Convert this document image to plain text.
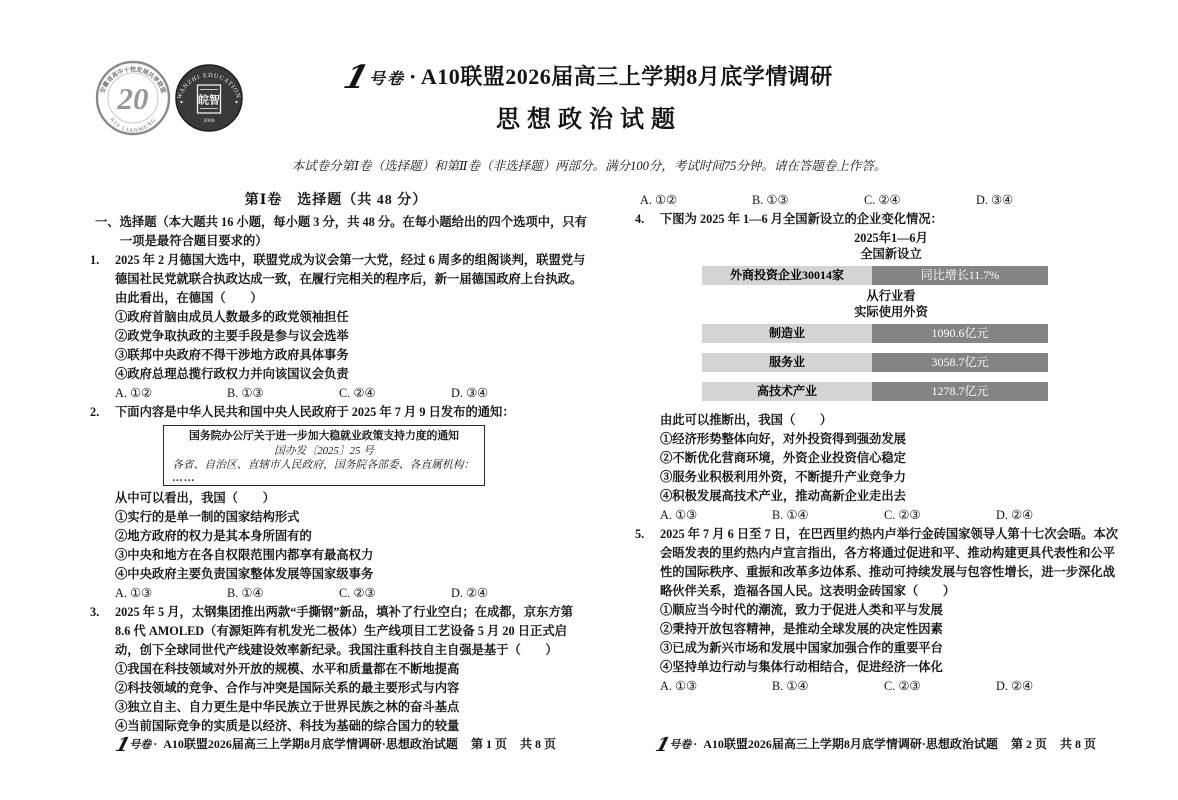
安徽省高中十校发展共享联盟
A10 LIANMENG
20	WANZHI EDUCATION
皖智
2006
1号卷 · A10联盟2026届高三上学期8月底学情调研
思想政治试题
本试卷分第Ⅰ卷（选择题）和第Ⅱ卷（非选择题）两部分。满分100分，考试时间75分钟。请在答题卷上作答。
第Ⅰ卷　选择题（共 48 分）
一、选择题（本大题共 16 小题，每小题 3 分，共 48 分。在每小题给出的四个选项中，只有一项是最符合题目要求的）
1. 2025 年 2 月德国大选中，联盟党成为议会第一大党，经过 6 周多的组阁谈判，联盟党与德国社民党就联合执政达成一致，在履行完相关的程序后，新一届德国政府上台执政。由此看出，在德国（　　）
①政府首脑由成员人数最多的政党领袖担任
②政党争取执政的主要手段是参与议会选举
③联邦中央政府不得干涉地方政府具体事务
④政府总理总揽行政权力并向该国议会负责
A. ①②	B. ①③	C. ②④	D. ③④
2. 下面内容是中华人民共和国中央人民政府于 2025 年 7 月 9 日发布的通知：
国务院办公厅关于进一步加大稳就业政策支持力度的通知
国办发〔2025〕25 号
各省、自治区、直辖市人民政府，国务院各部委、各直属机构：
……
从中可以看出，我国（　　）
①实行的是单一制的国家结构形式
②地方政府的权力是其本身所固有的
③中央和地方在各自权限范围内都享有最高权力
④中央政府主要负责国家整体发展等国家级事务
A. ①③	B. ①④	C. ②③	D. ②④
3. 2025 年 5 月，太钢集团推出两款“手撕钢”新品，填补了行业空白；在成都，京东方第 8.6 代 AMOLED（有源矩阵有机发光二极体）生产线项目工艺设备 5 月 20 日正式启动，创下全球同世代产线建设效率新纪录。我国注重科技自主自强是基于（　　）
①我国在科技领域对外开放的规模、水平和质量都在不断地提高
②科技领域的竞争、合作与冲突是国际关系的最主要形式与内容
③独立自主、自力更生是中华民族立于世界民族之林的奋斗基点
④当前国际竞争的实质是以经济、科技为基础的综合国力的较量
A. ①②	B. ①③	C. ②④	D. ③④
4. 下图为 2025 年 1—6 月全国新设立的企业变化情况：
2025年1—6月
全国新设立
外商投资企业30014家	同比增长11.7%
从行业看
实际使用外资
制造业	1090.6亿元
服务业	3058.7亿元
高技术产业	1278.7亿元
由此可以推断出，我国（　　）
①经济形势整体向好，对外投资得到强劲发展
②不断优化营商环境，外资企业投资信心稳定
③服务业积极利用外资，不断提升产业竞争力
④积极发展高技术产业，推动高新企业走出去
A. ①③	B. ①④	C. ②③	D. ②④
5. 2025 年 7 月 6 日至 7 日，在巴西里约热内卢举行金砖国家领导人第十七次会晤。本次会晤发表的里约热内卢宣言指出，各方将通过促进和平、推动构建更具代表性和公平性的国际秩序、重振和改革多边体系、推动可持续发展与包容性增长，进一步深化战略伙伴关系，造福各国人民。这表明金砖国家（　　）
①顺应当今时代的潮流，致力于促进人类和平与发展
②秉持开放包容精神，是推动全球发展的决定性因素
③已成为新兴市场和发展中国家加强合作的重要平台
④坚持单边行动与集体行动相结合，促进经济一体化
A. ①③	B. ①④	C. ②③	D. ②④
1号卷 · A10联盟2026届高三上学期8月底学情调研·思想政治试题 第 1 页 共 8 页	1号卷 · A10联盟2026届高三上学期8月底学情调研·思想政治试题 第 2 页 共 8 页
